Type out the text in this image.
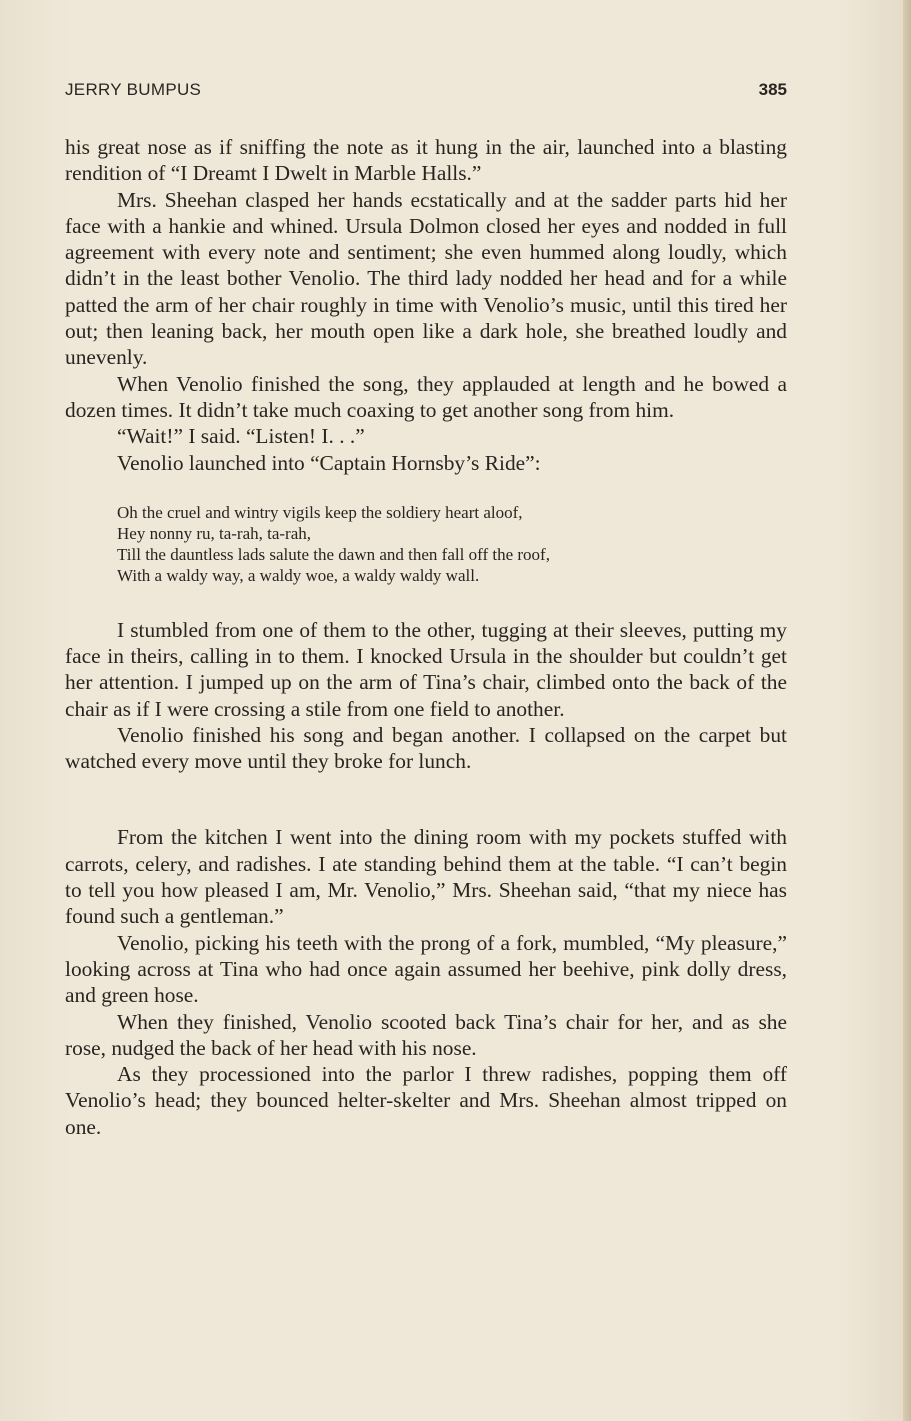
JERRY BUMPUS	385

his great nose as if sniffing the note as it hung in the air, launched into a blasting rendition of “I Dreamt I Dwelt in Marble Halls.”

Mrs. Sheehan clasped her hands ecstatically and at the sadder parts hid her face with a hankie and whined. Ursula Dolmon closed her eyes and nodded in full agreement with every note and sentiment; she even hummed along loudly, which didn’t in the least bother Venolio. The third lady nodded her head and for a while patted the arm of her chair roughly in time with Venolio’s music, until this tired her out; then leaning back, her mouth open like a dark hole, she breathed loudly and unevenly.

When Venolio finished the song, they applauded at length and he bowed a dozen times. It didn’t take much coaxing to get another song from him.

“Wait!” I said. “Listen! I. . .”

Venolio launched into “Captain Hornsby’s Ride”:

Oh the cruel and wintry vigils keep the soldiery heart aloof,
Hey nonny ru, ta-rah, ta-rah,
Till the dauntless lads salute the dawn and then fall off the roof,
With a waldy way, a waldy woe, a waldy waldy wall.

I stumbled from one of them to the other, tugging at their sleeves, putting my face in theirs, calling in to them. I knocked Ursula in the shoulder but couldn’t get her attention. I jumped up on the arm of Tina’s chair, climbed onto the back of the chair as if I were crossing a stile from one field to another.

Venolio finished his song and began another. I collapsed on the carpet but watched every move until they broke for lunch.

From the kitchen I went into the dining room with my pockets stuffed with carrots, celery, and radishes. I ate standing behind them at the table. “I can’t begin to tell you how pleased I am, Mr. Venolio,” Mrs. Sheehan said, “that my niece has found such a gentleman.”

Venolio, picking his teeth with the prong of a fork, mumbled, “My pleasure,” looking across at Tina who had once again assumed her beehive, pink dolly dress, and green hose.

When they finished, Venolio scooted back Tina’s chair for her, and as she rose, nudged the back of her head with his nose.

As they processioned into the parlor I threw radishes, popping them off Venolio’s head; they bounced helter-skelter and Mrs. Sheehan almost tripped on one.
